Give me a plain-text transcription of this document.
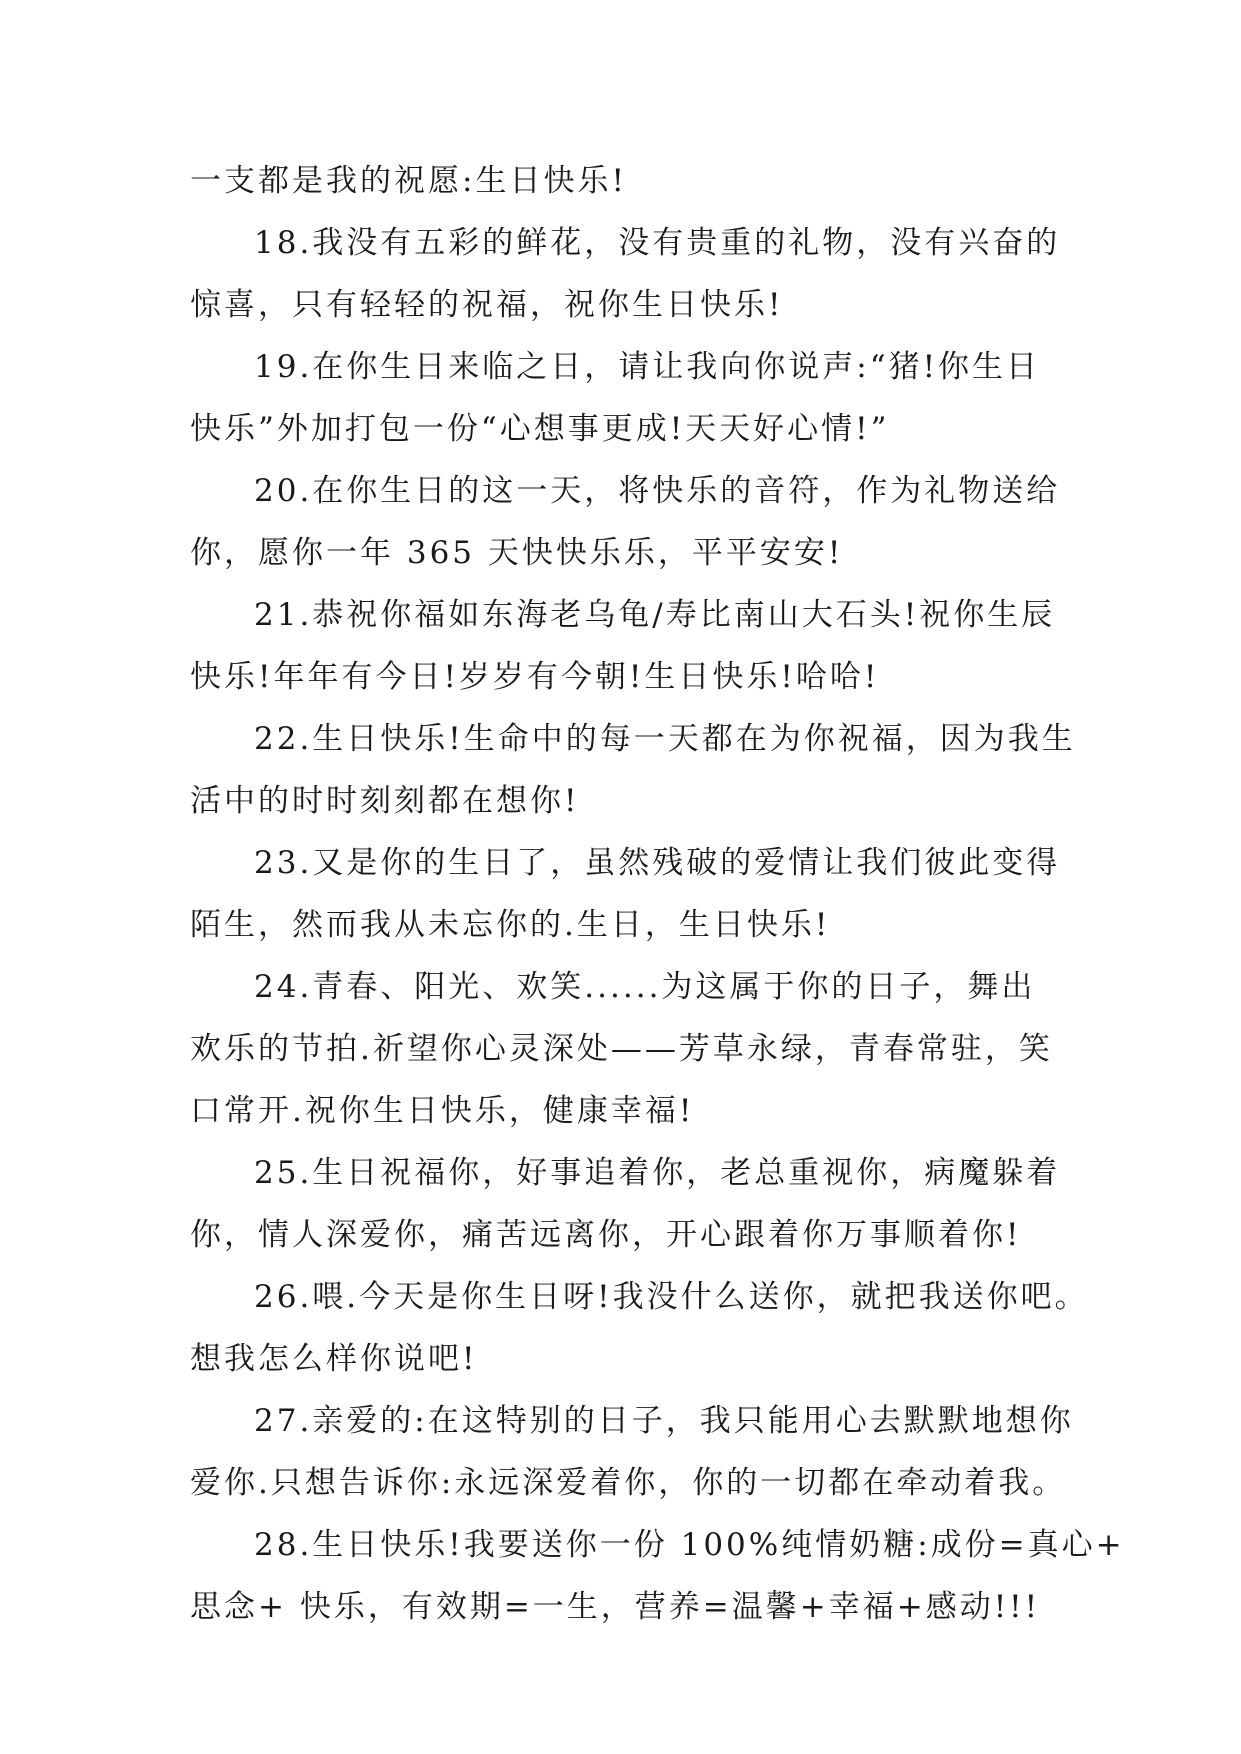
一支都是我的祝愿:生日快乐!
18.我没有五彩的鲜花，没有贵重的礼物，没有兴奋的
惊喜，只有轻轻的祝福，祝你生日快乐!
19.在你生日来临之日，请让我向你说声:“猪!你生日
快乐”外加打包一份“心想事更成!天天好心情!”
20.在你生日的这一天，将快乐的音符，作为礼物送给
你，愿你一年 365 天快快乐乐，平平安安!
21.恭祝你福如东海老乌龟/寿比南山大石头!祝你生辰
快乐!年年有今日!岁岁有今朝!生日快乐!哈哈!
22.生日快乐!生命中的每一天都在为你祝福，因为我生
活中的时时刻刻都在想你!
23.又是你的生日了，虽然残破的爱情让我们彼此变得
陌生，然而我从未忘你的.生日，生日快乐!
24.青春、阳光、欢笑......为这属于你的日子，舞出
欢乐的节拍.祈望你心灵深处——芳草永绿，青春常驻，笑
口常开.祝你生日快乐，健康幸福!
25.生日祝福你，好事追着你，老总重视你，病魔躲着
你，情人深爱你，痛苦远离你，开心跟着你万事顺着你!
26.喂.今天是你生日呀!我没什么送你，就把我送你吧。
想我怎么样你说吧!
27.亲爱的:在这特别的日子，我只能用心去默默地想你
爱你.只想告诉你:永远深爱着你，你的一切都在牵动着我。
28.生日快乐!我要送你一份 100%纯情奶糖:成份=真心+
思念+ 快乐，有效期=一生，营养=温馨+幸福+感动!!!
